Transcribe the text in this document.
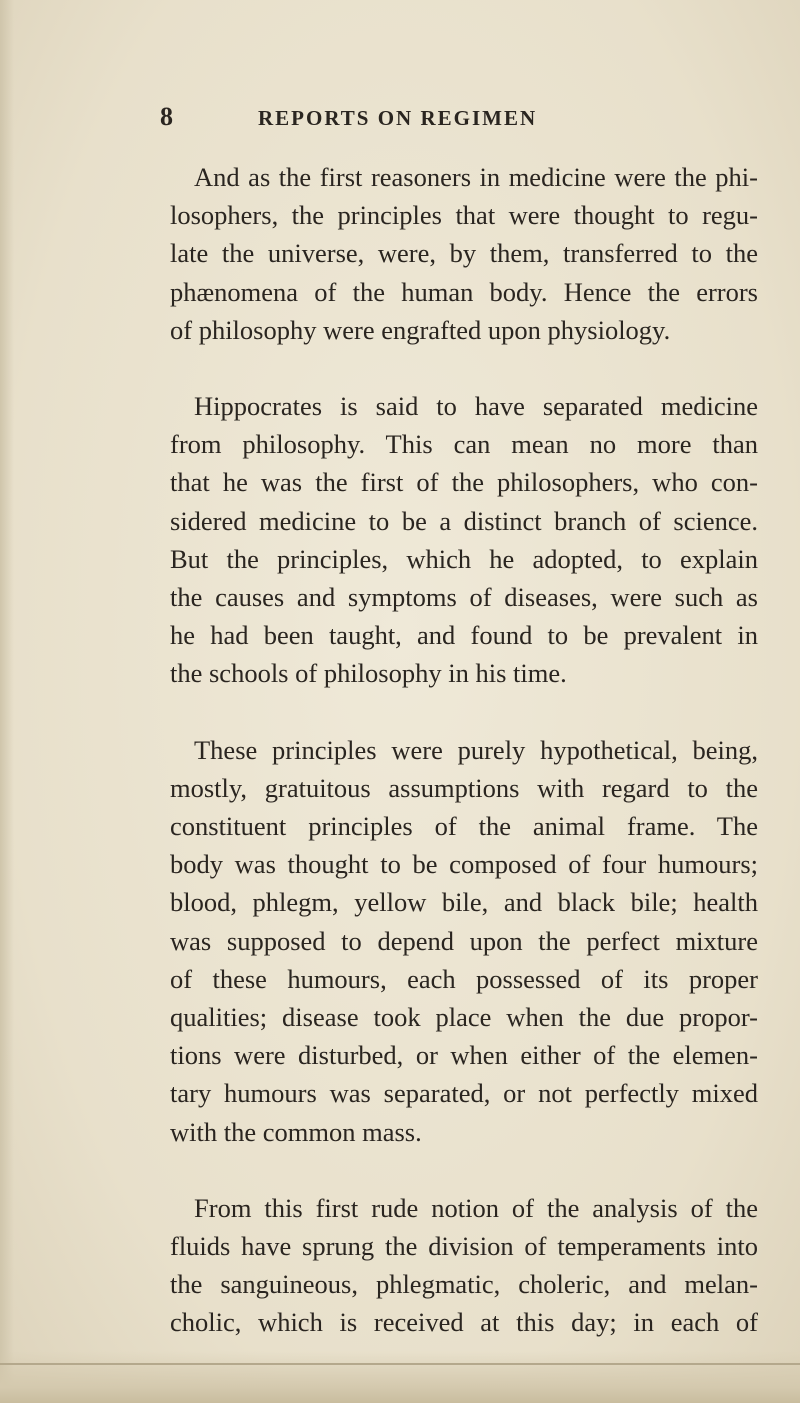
8	REPORTS ON REGIMEN

And as the first reasoners in medicine were the phi-
losophers, the principles that were thought to regu-
late the universe, were, by them, transferred to the
phænomena of the human body. Hence the errors
of philosophy were engrafted upon physiology.

Hippocrates is said to have separated medicine
from philosophy. This can mean no more than
that he was the first of the philosophers, who con-
sidered medicine to be a distinct branch of science.
But the principles, which he adopted, to explain
the causes and symptoms of diseases, were such as
he had been taught, and found to be prevalent in
the schools of philosophy in his time.

These principles were purely hypothetical, being,
mostly, gratuitous assumptions with regard to the
constituent principles of the animal frame. The
body was thought to be composed of four humours;
blood, phlegm, yellow bile, and black bile; health
was supposed to depend upon the perfect mixture
of these humours, each possessed of its proper
qualities; disease took place when the due propor-
tions were disturbed, or when either of the elemen-
tary humours was separated, or not perfectly mixed
with the common mass.

From this first rude notion of the analysis of the
fluids have sprung the division of temperaments into
the sanguineous, phlegmatic, choleric, and melan-
cholic, which is received at this day; in each of
